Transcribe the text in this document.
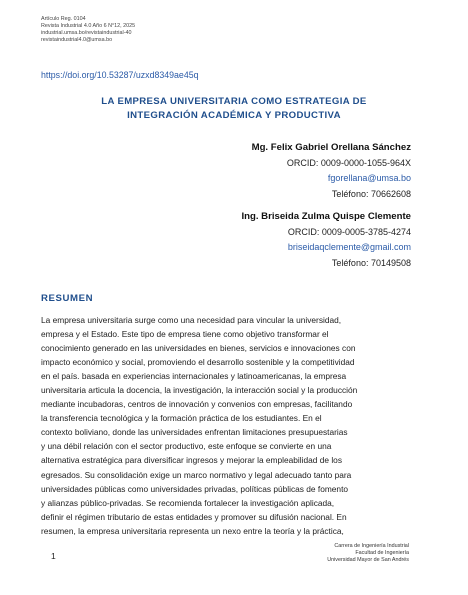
Artículo Reg. 0104
Revista Industrial 4.0 Año 6 N°12, 2025
industrial.umsa.bo/revistaindustrial-40
revistaindustrial4.0@umsa.bo
https://doi.org/10.53287/uzxd8349ae45q
LA EMPRESA UNIVERSITARIA COMO ESTRATEGIA DE
INTEGRACIÓN ACADÉMICA Y PRODUCTIVA
Mg. Felix Gabriel Orellana Sánchez
ORCID: 0009-0000-1055-964X
fgorellana@umsa.bo
Teléfono: 70662608
Ing. Briseida Zulma Quispe Clemente
ORCID: 0009-0005-3785-4274
briseidaqclemente@gmail.com
Teléfono: 70149508
RESUMEN
La empresa universitaria surge como una necesidad para vincular la universidad,
empresa y el Estado. Este tipo de empresa tiene como objetivo transformar el
conocimiento generado en las universidades en bienes, servicios e innovaciones con
impacto económico y social, promoviendo el desarrollo sostenible y la competitividad
en el país. basada en experiencias internacionales y latinoamericanas, la empresa
universitaria articula la docencia, la investigación, la interacción social y la producción
mediante incubadoras, centros de innovación y convenios con empresas, facilitando
la transferencia tecnológica y la formación práctica de los estudiantes. En el
contexto boliviano, donde las universidades enfrentan limitaciones presupuestarias
y una débil relación con el sector productivo, este enfoque se convierte en una
alternativa estratégica para diversificar ingresos y mejorar la empleabilidad de los
egresados. Su consolidación exige un marco normativo y legal adecuado tanto para
universidades públicas como universidades privadas, políticas públicas de fomento
y alianzas público-privadas. Se recomienda fortalecer la investigación aplicada,
definir el régimen tributario de estas entidades y promover su difusión nacional. En
resumen, la empresa universitaria representa un nexo entre la teoría y la práctica,
1
Carrera de Ingeniería Industrial
Facultad de Ingeniería
Universidad Mayor de San Andrés
